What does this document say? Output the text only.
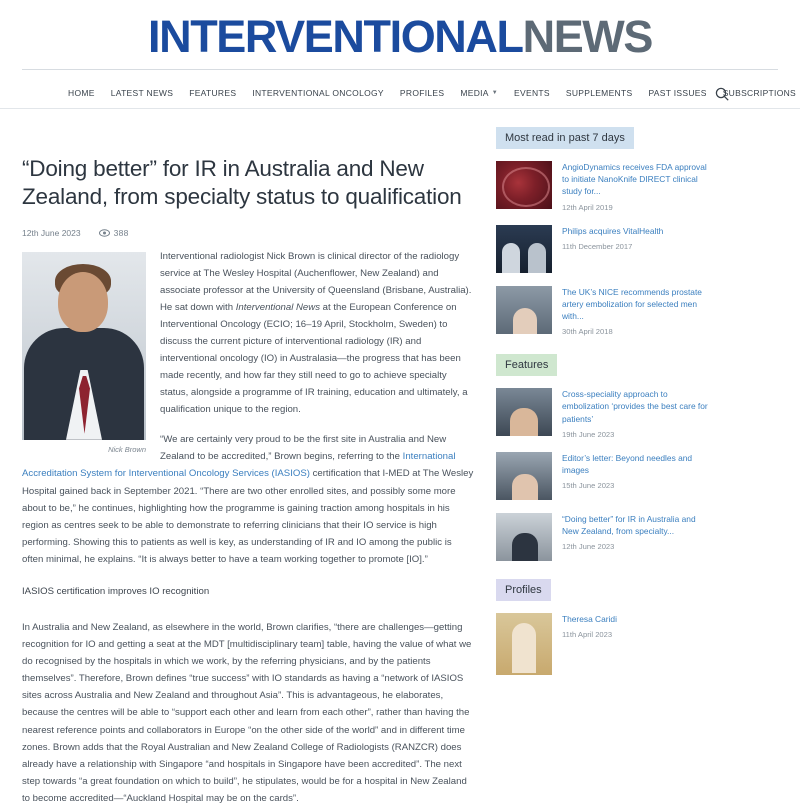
INTERVENTIONALNEWS
HOME LATEST NEWS FEATURES INTERVENTIONAL ONCOLOGY PROFILES MEDIA ▼ EVENTS SUPPLEMENTS PAST ISSUES SUBSCRIPTIONS
“Doing better” for IR in Australia and New Zealand, from specialty status to qualification
12th June 2023	388
Nick Brown

Interventional radiologist Nick Brown is clinical director of the radiology service at The Wesley Hospital (Auchenflower, New Zealand) and associate professor at the University of Queensland (Brisbane, Australia). He sat down with Interventional News at the European Conference on Interventional Oncology (ECIO; 16–19 April, Stockholm, Sweden) to discuss the current picture of interventional radiology (IR) and interventional oncology (IO) in Australasia—the progress that has been made recently, and how far they still need to go to achieve specialty status, alongside a programme of IR training, education and ultimately, a qualification unique to the region.

“We are certainly very proud to be the first site in Australia and New Zealand to be accredited,” Brown begins, referring to the International Accreditation System for Interventional Oncology Services (IASIOS) certification that I-MED at The Wesley Hospital gained back in September 2021. “There are two other enrolled sites, and possibly some more about to be,” he continues, highlighting how the programme is gaining traction among hospitals in his region as centres seek to be able to demonstrate to referring clinicians that their IO service is high performing. Showing this to patients as well is key, as understanding of IR and IO among the public is often minimal, he explains. “It is always better to have a team working together to promote [IO].”

IASIOS certification improves IO recognition

In Australia and New Zealand, as elsewhere in the world, Brown clarifies, “there are challenges—getting recognition for IO and getting a seat at the MDT [multidisciplinary team] table, having the value of what we do recognised by the hospitals in which we work, by the referring physicians, and by the patients themselves”. Therefore, Brown defines “true success” with IO standards as having a “network of IASIOS sites across Australia and New Zealand and throughout Asia”. This is advantageous, he elaborates, because the centres will be able to “support each other and learn from each other”, rather than having the nearest reference points and collaborators in Europe “on the other side of the world” and in different time zones. Brown adds that the Royal Australian and New Zealand College of Radiologists (RANZCR) does already have a relationship with Singapore “and hospitals in Singapore have been accredited”. The next step towards “a great foundation on which to build”, he stipulates, would be for a hospital in New Zealand to become accredited—“Auckland Hospital may be on the cards”.

Most read in past 7 days
AngioDynamics receives FDA approval to initiate NanoKnife DIRECT clinical study for...
12th April 2019
Philips acquires VitalHealth
11th December 2017
The UK’s NICE recommends prostate artery embolization for selected men with...
30th April 2018
Features
Cross-speciality approach to embolization ‘provides the best care for patients’
19th June 2023
Editor’s letter: Beyond needles and images
15th June 2023
“Doing better” for IR in Australia and New Zealand, from specialty...
12th June 2023
Profiles
Theresa Caridi
11th April 2023
